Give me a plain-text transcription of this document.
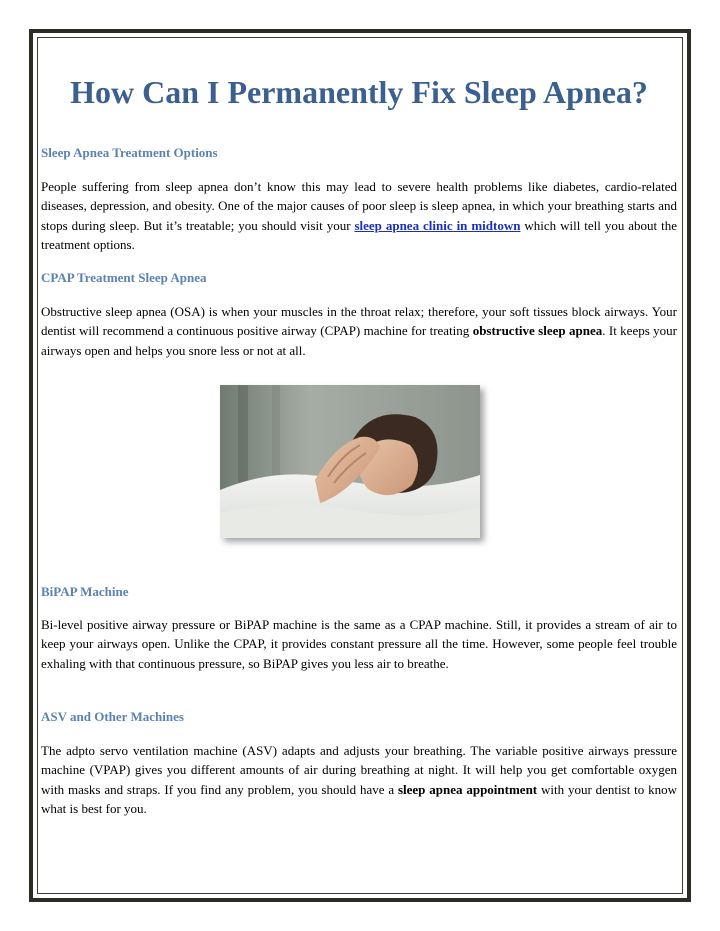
How Can I Permanently Fix Sleep Apnea?
Sleep Apnea Treatment Options

People suffering from sleep apnea don’t know this may lead to severe health problems like diabetes, cardio-related diseases, depression, and obesity. One of the major causes of poor sleep is sleep apnea, in which your breathing starts and stops during sleep. But it’s treatable; you should visit your sleep apnea clinic in midtown which will tell you about the treatment options.

CPAP Treatment Sleep Apnea

Obstructive sleep apnea (OSA) is when your muscles in the throat relax; therefore, your soft tissues block airways. Your dentist will recommend a continuous positive airway (CPAP) machine for treating obstructive sleep apnea. It keeps your airways open and helps you snore less or not at all.

BiPAP Machine

Bi-level positive airway pressure or BiPAP machine is the same as a CPAP machine. Still, it provides a stream of air to keep your airways open. Unlike the CPAP, it provides constant pressure all the time. However, some people feel trouble exhaling with that continuous pressure, so BiPAP gives you less air to breathe.

ASV and Other Machines

The adpto servo ventilation machine (ASV) adapts and adjusts your breathing. The variable positive airways pressure machine (VPAP) gives you different amounts of air during breathing at night. It will help you get comfortable oxygen with masks and straps. If you find any problem, you should have a sleep apnea appointment with your dentist to know what is best for you.
